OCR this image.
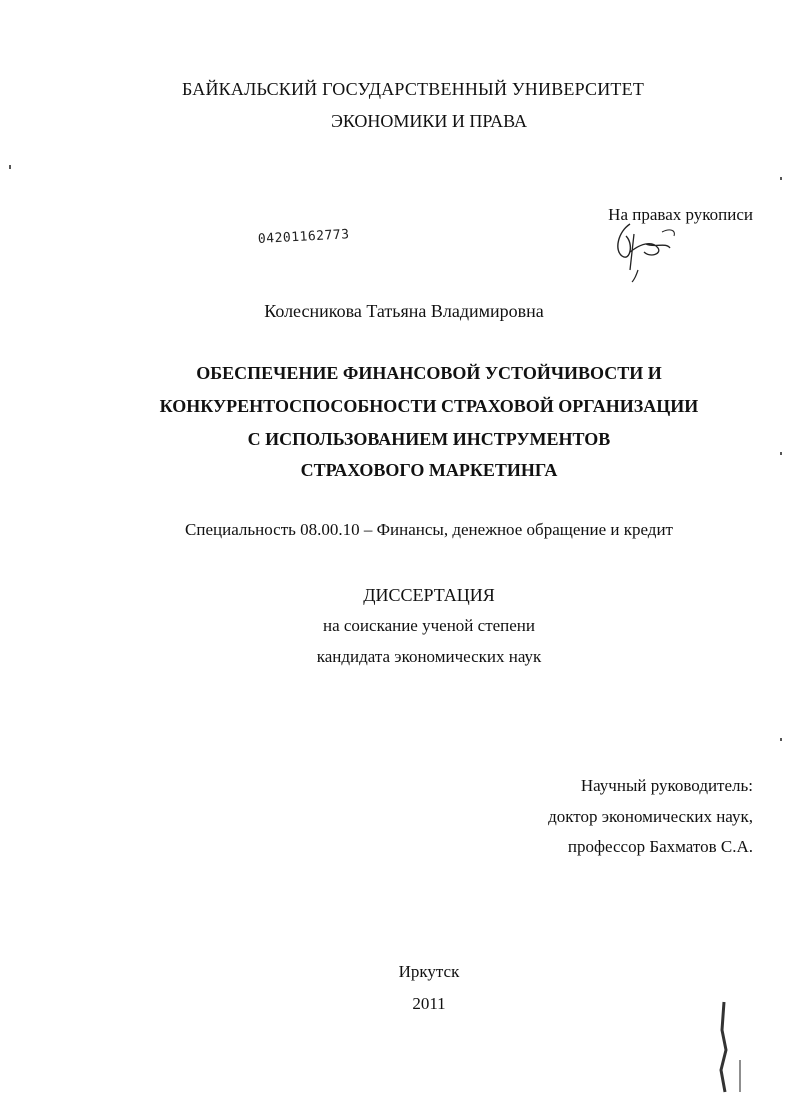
БАЙКАЛЬСКИЙ ГОСУДАРСТВЕННЫЙ УНИВЕРСИТЕТ

ЭКОНОМИКИ И ПРАВА

На правах рукописи

04201162773

Колесникова Татьяна Владимировна

ОБЕСПЕЧЕНИЕ ФИНАНСОВОЙ УСТОЙЧИВОСТИ И

КОНКУРЕНТОСПОСОБНОСТИ СТРАХОВОЙ ОРГАНИЗАЦИИ

С ИСПОЛЬЗОВАНИЕМ ИНСТРУМЕНТОВ

СТРАХОВОГО МАРКЕТИНГА

Специальность 08.00.10 – Финансы, денежное обращение и кредит

ДИССЕРТАЦИЯ

на соискание ученой степени

кандидата экономических наук

Научный руководитель:

доктор экономических наук,

профессор Бахматов С.А.

Иркутск

2011
